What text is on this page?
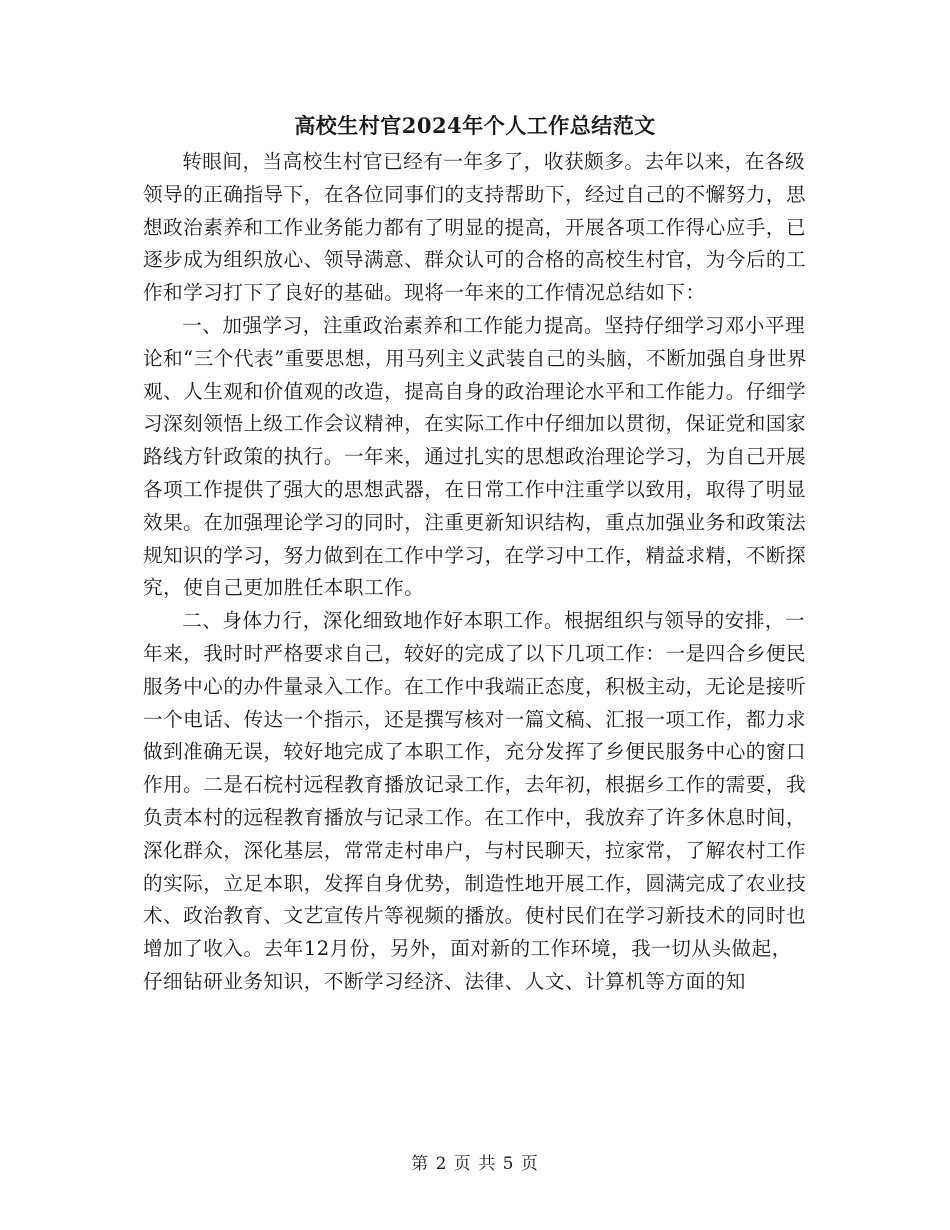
高校生村官2024年个人工作总结范文

转眼间，当高校生村官已经有一年多了，收获颇多。去年以来，在各级领导的正确指导下，在各位同事们的支持帮助下，经过自己的不懈努力，思想政治素养和工作业务能力都有了明显的提高，开展各项工作得心应手，已逐步成为组织放心、领导满意、群众认可的合格的高校生村官，为今后的工作和学习打下了良好的基础。现将一年来的工作情况总结如下：

一、加强学习，注重政治素养和工作能力提高。坚持仔细学习邓小平理论和“三个代表”重要思想，用马列主义武装自己的头脑，不断加强自身世界观、人生观和价值观的改造，提高自身的政治理论水平和工作能力。仔细学习深刻领悟上级工作会议精神，在实际工作中仔细加以贯彻，保证党和国家路线方针政策的执行。一年来，通过扎实的思想政治理论学习，为自己开展各项工作提供了强大的思想武器，在日常工作中注重学以致用，取得了明显效果。在加强理论学习的同时，注重更新知识结构，重点加强业务和政策法规知识的学习，努力做到在工作中学习，在学习中工作，精益求精，不断探究，使自己更加胜任本职工作。

二、身体力行，深化细致地作好本职工作。根据组织与领导的安排，一年来，我时时严格要求自己，较好的完成了以下几项工作：一是四合乡便民服务中心的办件量录入工作。在工作中我端正态度，积极主动，无论是接听一个电话、传达一个指示，还是撰写核对一篇文稿、汇报一项工作，都力求做到准确无误，较好地完成了本职工作，充分发挥了乡便民服务中心的窗口作用。二是石梡村远程教育播放记录工作，去年初，根据乡工作的需要，我负责本村的远程教育播放与记录工作。在工作中，我放弃了许多休息时间，深化群众，深化基层，常常走村串户，与村民聊天，拉家常，了解农村工作的实际，立足本职，发挥自身优势，制造性地开展工作，圆满完成了农业技术、政治教育、文艺宣传片等视频的播放。使村民们在学习新技术的同时也增加了收入。去年12月份，另外，面对新的工作环境，我一切从头做起，仔细钻研业务知识，不断学习经济、法律、人文、计算机等方面的知

第 2 页 共 5 页
